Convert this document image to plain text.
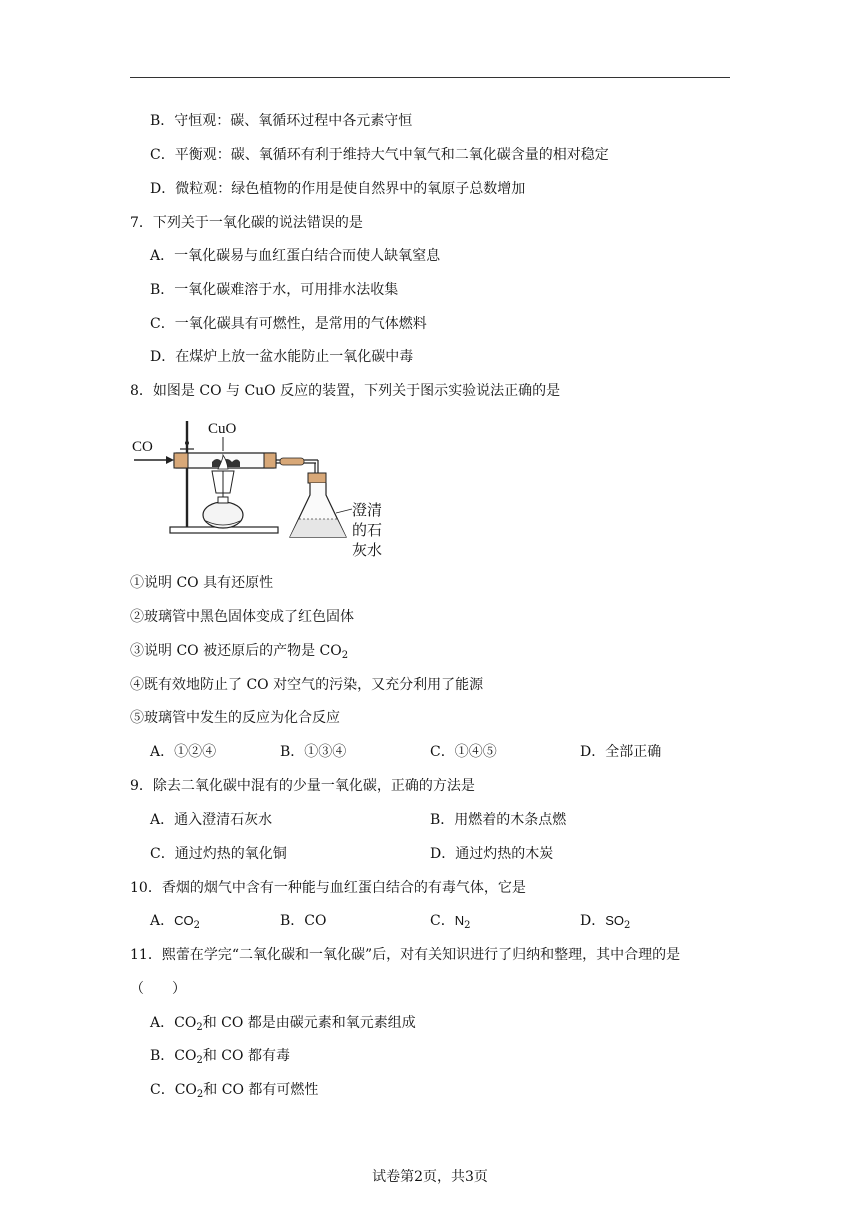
B．守恒观：碳、氧循环过程中各元素守恒
C．平衡观：碳、氧循环有利于维持大气中氧气和二氧化碳含量的相对稳定
D．微粒观：绿色植物的作用是使自然界中的氧原子总数增加
7．下列关于一氧化碳的说法错误的是
A．一氧化碳易与血红蛋白结合而使人缺氧窒息
B．一氧化碳难溶于水，可用排水法收集
C．一氧化碳具有可燃性，是常用的气体燃料
D．在煤炉上放一盆水能防止一氧化碳中毒
8．如图是 CO 与 CuO 反应的装置，下列关于图示实验说法正确的是
CO
CuO
澄清
的石
灰水
①说明 CO 具有还原性
②玻璃管中黑色固体变成了红色固体
③说明 CO 被还原后的产物是 $CO_2$
④既有效地防止了 CO 对空气的污染，又充分利用了能源
⑤玻璃管中发生的反应为化合反应
A．①②④	B．①③④	C．①④⑤	D．全部正确
9．除去二氧化碳中混有的少量一氧化碳，正确的方法是
A．通入澄清石灰水	B．用燃着的木条点燃
C．通过灼热的氧化铜	D．通过灼热的木炭
10．香烟的烟气中含有一种能与血红蛋白结合的有毒气体，它是
A．$CO_2$	B．CO	C．$N_2$	D．$SO_2$
11．熙蕾在学完“二氧化碳和一氧化碳”后，对有关知识进行了归纳和整理，其中合理的是
（　　）
A．$CO_2$和 CO 都是由碳元素和氧元素组成
B．$CO_2$和 CO 都有毒
C．$CO_2$和 CO 都有可燃性
试卷第2页，共3页
